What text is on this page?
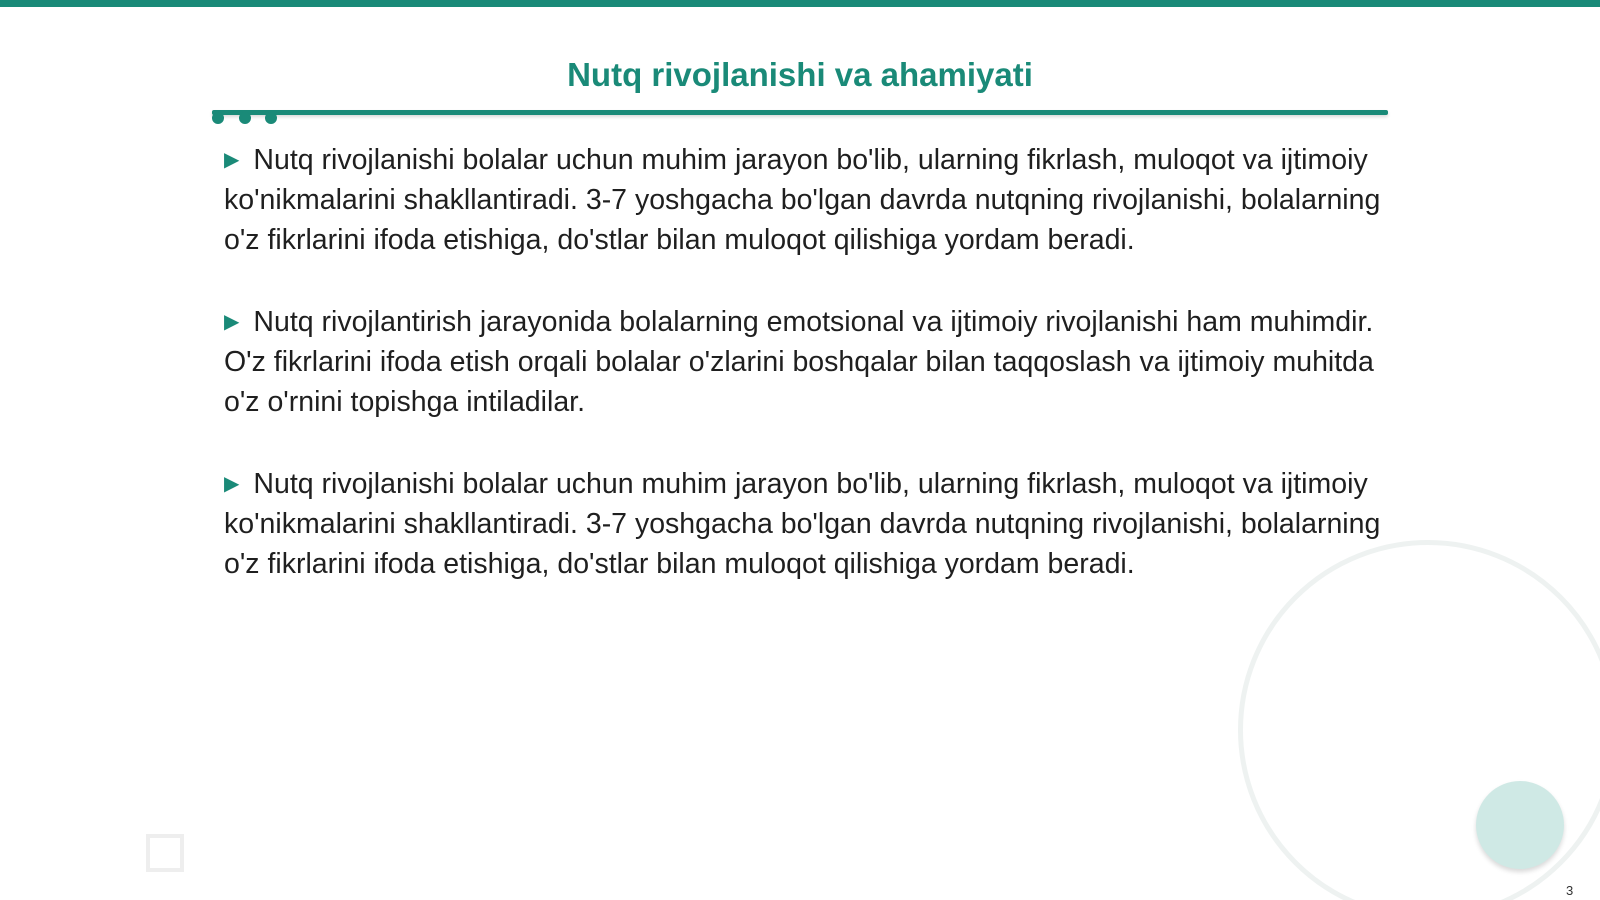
Nutq rivojlanishi va ahamiyati

▶ Nutq rivojlanishi bolalar uchun muhim jarayon bo'lib, ularning fikrlash, muloqot va ijtimoiy ko'nikmalarini shakllantiradi. 3-7 yoshgacha bo'lgan davrda nutqning rivojlanishi, bolalarning o'z fikrlarini ifoda etishiga, do'stlar bilan muloqot qilishiga yordam beradi.

▶ Nutq rivojlantirish jarayonida bolalarning emotsional va ijtimoiy rivojlanishi ham muhimdir. O'z fikrlarini ifoda etish orqali bolalar o'zlarini boshqalar bilan taqqoslash va ijtimoiy muhitda o'z o'rnini topishga intiladilar.

▶ Nutq rivojlanishi bolalar uchun muhim jarayon bo'lib, ularning fikrlash, muloqot va ijtimoiy ko'nikmalarini shakllantiradi. 3-7 yoshgacha bo'lgan davrda nutqning rivojlanishi, bolalarning o'z fikrlarini ifoda etishiga, do'stlar bilan muloqot qilishiga yordam beradi.

3
